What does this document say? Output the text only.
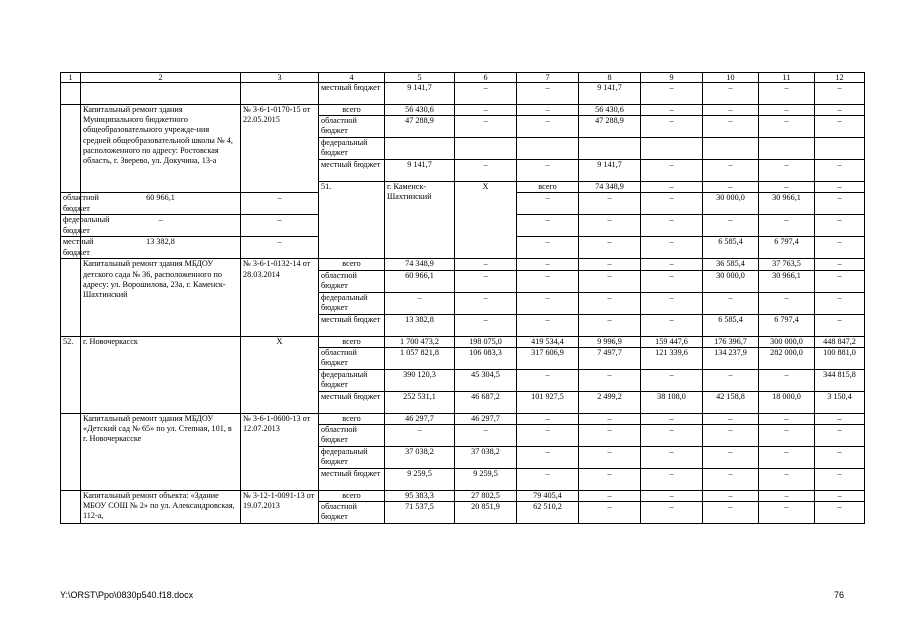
1	2	3	4	5	6	7	8	9	10	11	12	
			местный бюджет	9 141,7	–	–	9 141,7	–	–	–	–	
	Капитальный ремонт здания Муниципального бюджетного общеобразовательного учрежде-ния средней общеобразовательной школы № 4, расположенного по адресу: Ростовская область, г. Зверево, ул. Докучина, 13-а	№ 3-6-1-0170-15 от 22.05.2015	всего	56 430,6	–	–	56 430,6	–	–	–	–	
			областной бюджет	47 288,9	–	–	47 288,9	–	–	–	–	
			федеральный бюджет									
			местный бюджет	9 141,7	–	–	9 141,7	–	–	–	–	
			51.	г. Каменск-Шахтинский	Х	всего	74 348,9	–	–	–	–			
областной бюджет	60 966,1	–				–	–	–	30 000,0	30 966,1	–	
федеральный бюджет	–	–				–	–	–	–	–	–	
местный бюджет	13 382,8	–				–	–	–	6 585,4	6 797,4	–	
	Капитальный ремонт здания МБДОУ детского сада № 36, расположенного по адресу: ул. Ворошилова, 23а, г. Каменск-Шахтинский	№ 3-6-1-0132-14 от 28.03.2014	всего	74 348,9	–	–	–	–	36 585,4	37 763,5	–	
			областной бюджет	60 966,1	–	–	–	–	30 000,0	30 966,1	–	
			федеральный бюджет	–	–	–	–	–	–	–	–	
			местный бюджет	13 382,8	–	–	–	–	6 585,4	6 797,4	–	
52.	г. Новочеркасск	Х	всего	1 700 473,2	198 075,0	419 534,4	9 996,9	159 447,6	176 396,7	300 000,0	448 847,2	
			областной бюджет	1 057 821,8	106 083,3	317 606,9	7 497,7	121 339,6	134 237,9	282 000,0	100 881,0	
			федеральный бюджет	390 120,3	45 304,5	–	–	–	–	–	344 815,8	
			местный бюджет	252 531,1	46 687,2	101 927,5	2 499,2	38 108,0	42 158,8	18 000,0	3 150,4	
	Капитальный ремонт здания МБДОУ «Детский сад № 65» по ул. Степная, 101, в г. Новочеркасске	№ 3-6-1-0600-13 от 12.07.2013	всего	46 297,7	46 297,7	–	–	–	–	–	–	
			областной бюджет	–	–	–	–	–	–	–	–	
			федеральный бюджет	37 038,2	37 038,2	–	–	–	–	–	–	
			местный бюджет	9 259,5	9 259,5	–	–	–	–	–	–	
	Капитальный ремонт объекта: «Здание МБОУ СОШ № 2» по ул. Александровская, 112-а,	№ 3-12-1-0091-13 от 19.07.2013	всего	95 383,3	27 802,5	79 405,4	–	–	–	–	–	
			областной бюджет	71 537,5	20 851,9	62 510,2	–	–	–	–	–	
Y:\ORST\Ppo\0830p540.f18.docx	76
